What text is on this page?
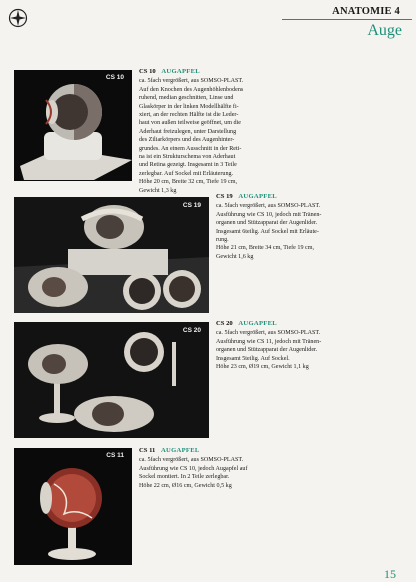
ANATOMIE 4
Auge
CS 10
CS 10 AUGAPFEL
ca. 5fach vergrößert, aus SOMSO-PLAST.
Auf den Knochen des Augenhöhlenbodens
ruhend, median geschnitten, Linse und
Glaskörper in der linken Modellhälfte fi-
xiert, an der rechten Hälfte ist die Leder-
haut von außen teilweise geöffnet, um die
Aderhaut freizulegen, unter Darstellung
des Ziliarkörpers und des Augenhinter-
grundes. An einem Ausschnitt in der Reti-
na ist ein Strukturschema von Aderhaut
und Retina gezeigt. Insgesamt in 3 Teile
zerlegbar. Auf Sockel mit Erläuterung.
Höhe 20 cm, Breite 32 cm, Tiefe 19 cm,
Gewicht 1,3 kg
CS 19
CS 19 AUGAPFEL
ca. 5fach vergrößert, aus SOMSO-PLAST.
Ausführung wie CS 10, jedoch mit Tränen-
organen und Stützapparat der Augenlider.
Insgesamt 6teilig. Auf Sockel mit Erläute-
rung.
Höhe 21 cm, Breite 34 cm, Tiefe 19 cm,
Gewicht 1,6 kg
CS 20
CS 20 AUGAPFEL
ca. 5fach vergrößert, aus SOMSO-PLAST.
Ausführung wie CS 11, jedoch mit Tränen-
organen und Stützapparat der Augenlider.
Insgesamt 5teilig. Auf Sockel.
Höhe 23 cm, Ø19 cm, Gewicht 1,1 kg
CS 11
CS 11 AUGAPFEL
ca. 5fach vergrößert, aus SOMSO-PLAST.
Ausführung wie CS 10, jedoch Augapfel auf
Sockel montiert. In 2 Teile zerlegbar.
Höhe 22 cm, Ø16 cm, Gewicht 0,5 kg
15
